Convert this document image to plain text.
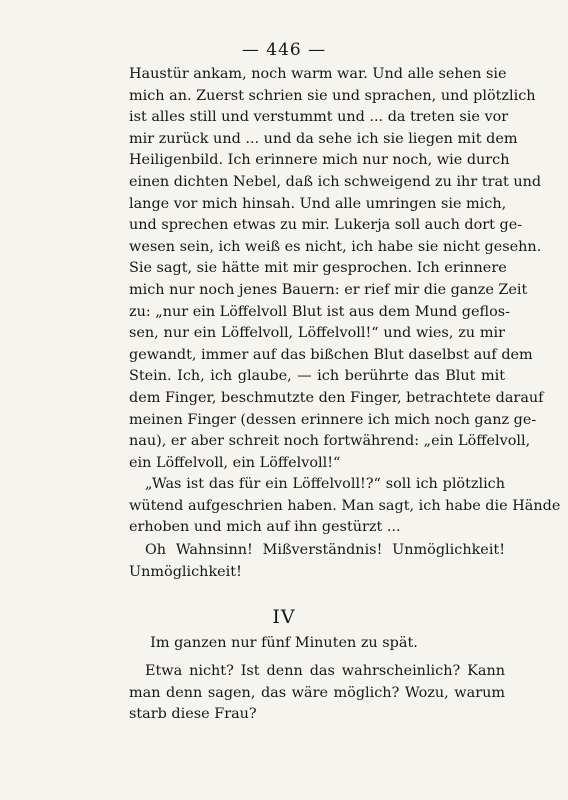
— 446 —
Haustür ankam, noch warm war. Und alle sehen sie
mich an. Zuerst schrien sie und sprachen, und plötzlich
ist alles still und verstummt und ... da treten sie vor
mir zurück und ... und da sehe ich sie liegen mit dem
Heiligenbild. Ich erinnere mich nur noch, wie durch
einen dichten Nebel, daß ich schweigend zu ihr trat und
lange vor mich hinsah. Und alle umringen sie mich,
und sprechen etwas zu mir. Lukerja soll auch dort ge-
wesen sein, ich weiß es nicht, ich habe sie nicht gesehn.
Sie sagt, sie hätte mit mir gesprochen. Ich erinnere
mich nur noch jenes Bauern: er rief mir die ganze Zeit
zu: „nur ein Löffelvoll Blut ist aus dem Mund geflos-
sen, nur ein Löffelvoll, Löffelvoll!“ und wies, zu mir
gewandt, immer auf das bißchen Blut daselbst auf dem
Stein. Ich, ich glaube, — ich berührte das Blut mit
dem Finger, beschmutzte den Finger, betrachtete darauf
meinen Finger (dessen erinnere ich mich noch ganz ge-
nau), er aber schreit noch fortwährend: „ein Löffelvoll,
ein Löffelvoll, ein Löffelvoll!“
„Was ist das für ein Löffelvoll!?“ soll ich plötzlich
wütend aufgeschrien haben. Man sagt, ich habe die Hände
erhoben und mich auf ihn gestürzt ...
Oh Wahnsinn! Mißverständnis! Unmöglichkeit!
Unmöglichkeit!
IV
Im ganzen nur fünf Minuten zu spät.
Etwa nicht? Ist denn das wahrscheinlich? Kann
man denn sagen, das wäre möglich? Wozu, warum
starb diese Frau?
